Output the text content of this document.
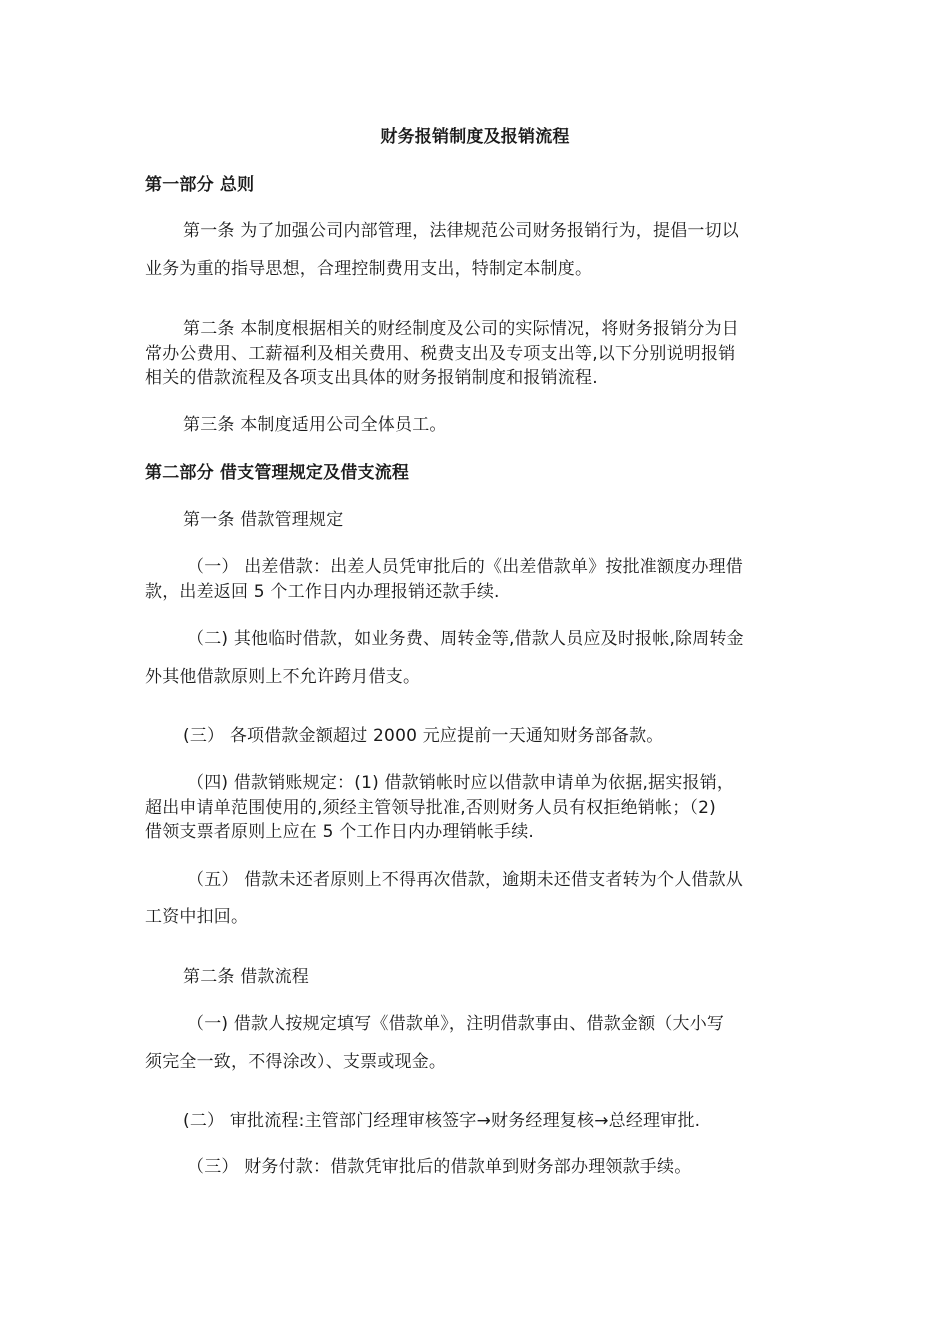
财务报销制度及报销流程
第一部分 总则
第一条 为了加强公司内部管理，法律规范公司财务报销行为，提倡一切以
业务为重的指导思想，合理控制费用支出，特制定本制度。
第二条 本制度根据相关的财经制度及公司的实际情况，将财务报销分为日
常办公费用、工薪福利及相关费用、税费支出及专项支出等,以下分别说明报销
相关的借款流程及各项支出具体的财务报销制度和报销流程.
第三条 本制度适用公司全体员工。
第二部分 借支管理规定及借支流程
第一条 借款管理规定
（一） 出差借款：出差人员凭审批后的《出差借款单》按批准额度办理借
款，出差返回 5 个工作日内办理报销还款手续.
（二) 其他临时借款，如业务费、周转金等,借款人员应及时报帐,除周转金
外其他借款原则上不允许跨月借支。
(三） 各项借款金额超过 2000 元应提前一天通知财务部备款。
（四) 借款销账规定：(1) 借款销帐时应以借款申请单为依据,据实报销，
超出申请单范围使用的,须经主管领导批准,否则财务人员有权拒绝销帐；（2)
借领支票者原则上应在 5 个工作日内办理销帐手续.
（五） 借款未还者原则上不得再次借款，逾期未还借支者转为个人借款从
工资中扣回。
第二条 借款流程
（一) 借款人按规定填写《借款单》，注明借款事由、借款金额（大小写
须完全一致，不得涂改）、支票或现金。
(二） 审批流程:主管部门经理审核签字→财务经理复核→总经理审批.
（三） 财务付款：借款凭审批后的借款单到财务部办理领款手续。
